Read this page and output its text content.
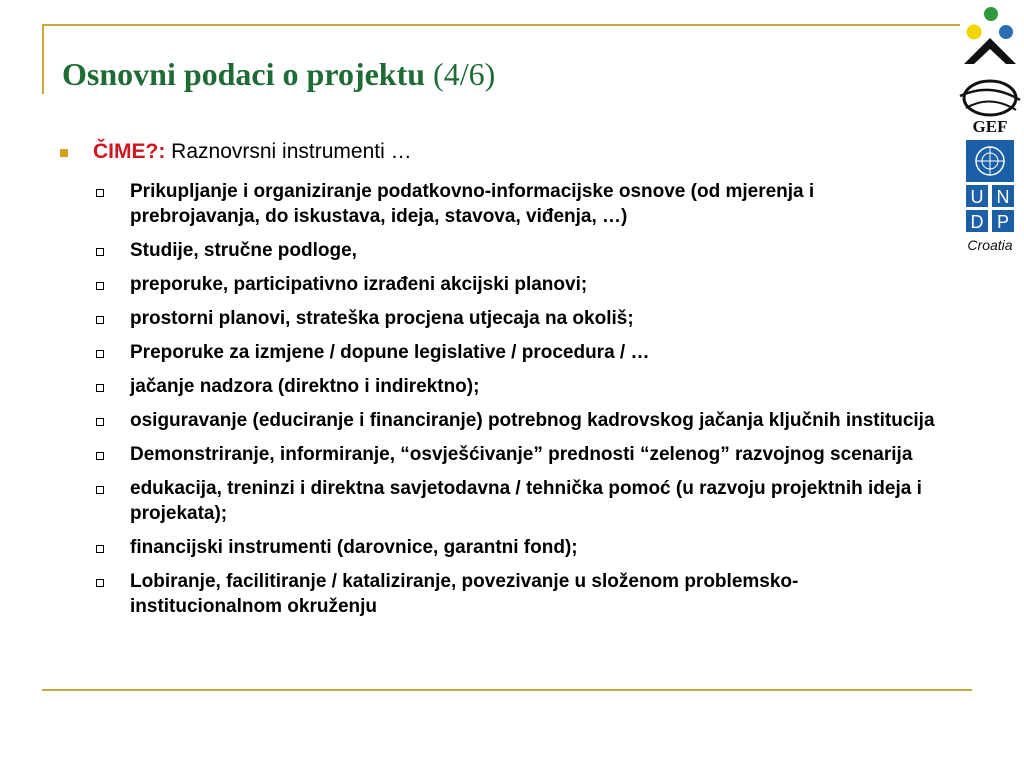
Osnovni podaci o projektu (4/6)
GEF
U N
D P
Croatia
ČIME?: Raznovrsni instrumenti …
Prikupljanje i organiziranje podatkovno-informacijske osnove (od mjerenja i prebrojavanja, do iskustava, ideja, stavova, viđenja, …)
Studije, stručne podloge,
preporuke, participativno izrađeni akcijski planovi;
prostorni planovi, strateška procjena utjecaja na okoliš;
Preporuke za izmjene / dopune legislative / procedura / …
jačanje nadzora (direktno i indirektno);
osiguravanje (educiranje i financiranje) potrebnog kadrovskog jačanja ključnih institucija
Demonstriranje, informiranje, “osvješćivanje” prednosti “zelenog” razvojnog scenarija
edukacija, treninzi i direktna savjetodavna / tehnička pomoć (u razvoju projektnih ideja i projekata);
financijski instrumenti (darovnice, garantni fond);
Lobiranje, facilitiranje / kataliziranje, povezivanje u složenom problemsko-institucionalnom okruženju
